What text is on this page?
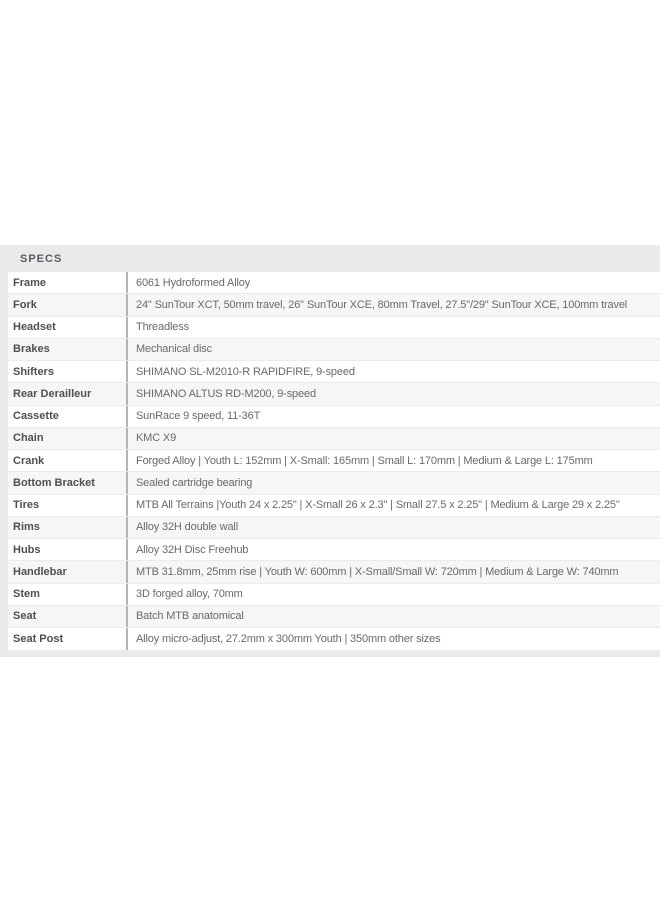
SPECS
Frame	6061 Hydroformed Alloy
Fork	24" SunTour XCT, 50mm travel, 26" SunTour XCE, 80mm Travel, 27.5"/29" SunTour XCE, 100mm travel
Headset	Threadless
Brakes	Mechanical disc
Shifters	SHIMANO SL-M2010-R RAPIDFIRE, 9-speed
Rear Derailleur	SHIMANO ALTUS RD-M200, 9-speed
Cassette	SunRace 9 speed, 11-36T
Chain	KMC X9
Crank	Forged Alloy | Youth L: 152mm | X-Small: 165mm | Small L: 170mm | Medium & Large L: 175mm
Bottom Bracket	Sealed cartridge bearing
Tires	MTB All Terrains |Youth 24 x 2.25" | X-Small 26 x 2.3" | Small 27.5 x 2.25" | Medium & Large 29 x 2.25"
Rims	Alloy 32H double wall
Hubs	Alloy 32H Disc Freehub
Handlebar	MTB 31.8mm, 25mm rise | Youth W: 600mm | X-Small/Small W: 720mm | Medium & Large W: 740mm
Stem	3D forged alloy, 70mm
Seat	Batch MTB anatomical
Seat Post	Alloy micro-adjust, 27.2mm x 300mm Youth | 350mm other sizes
